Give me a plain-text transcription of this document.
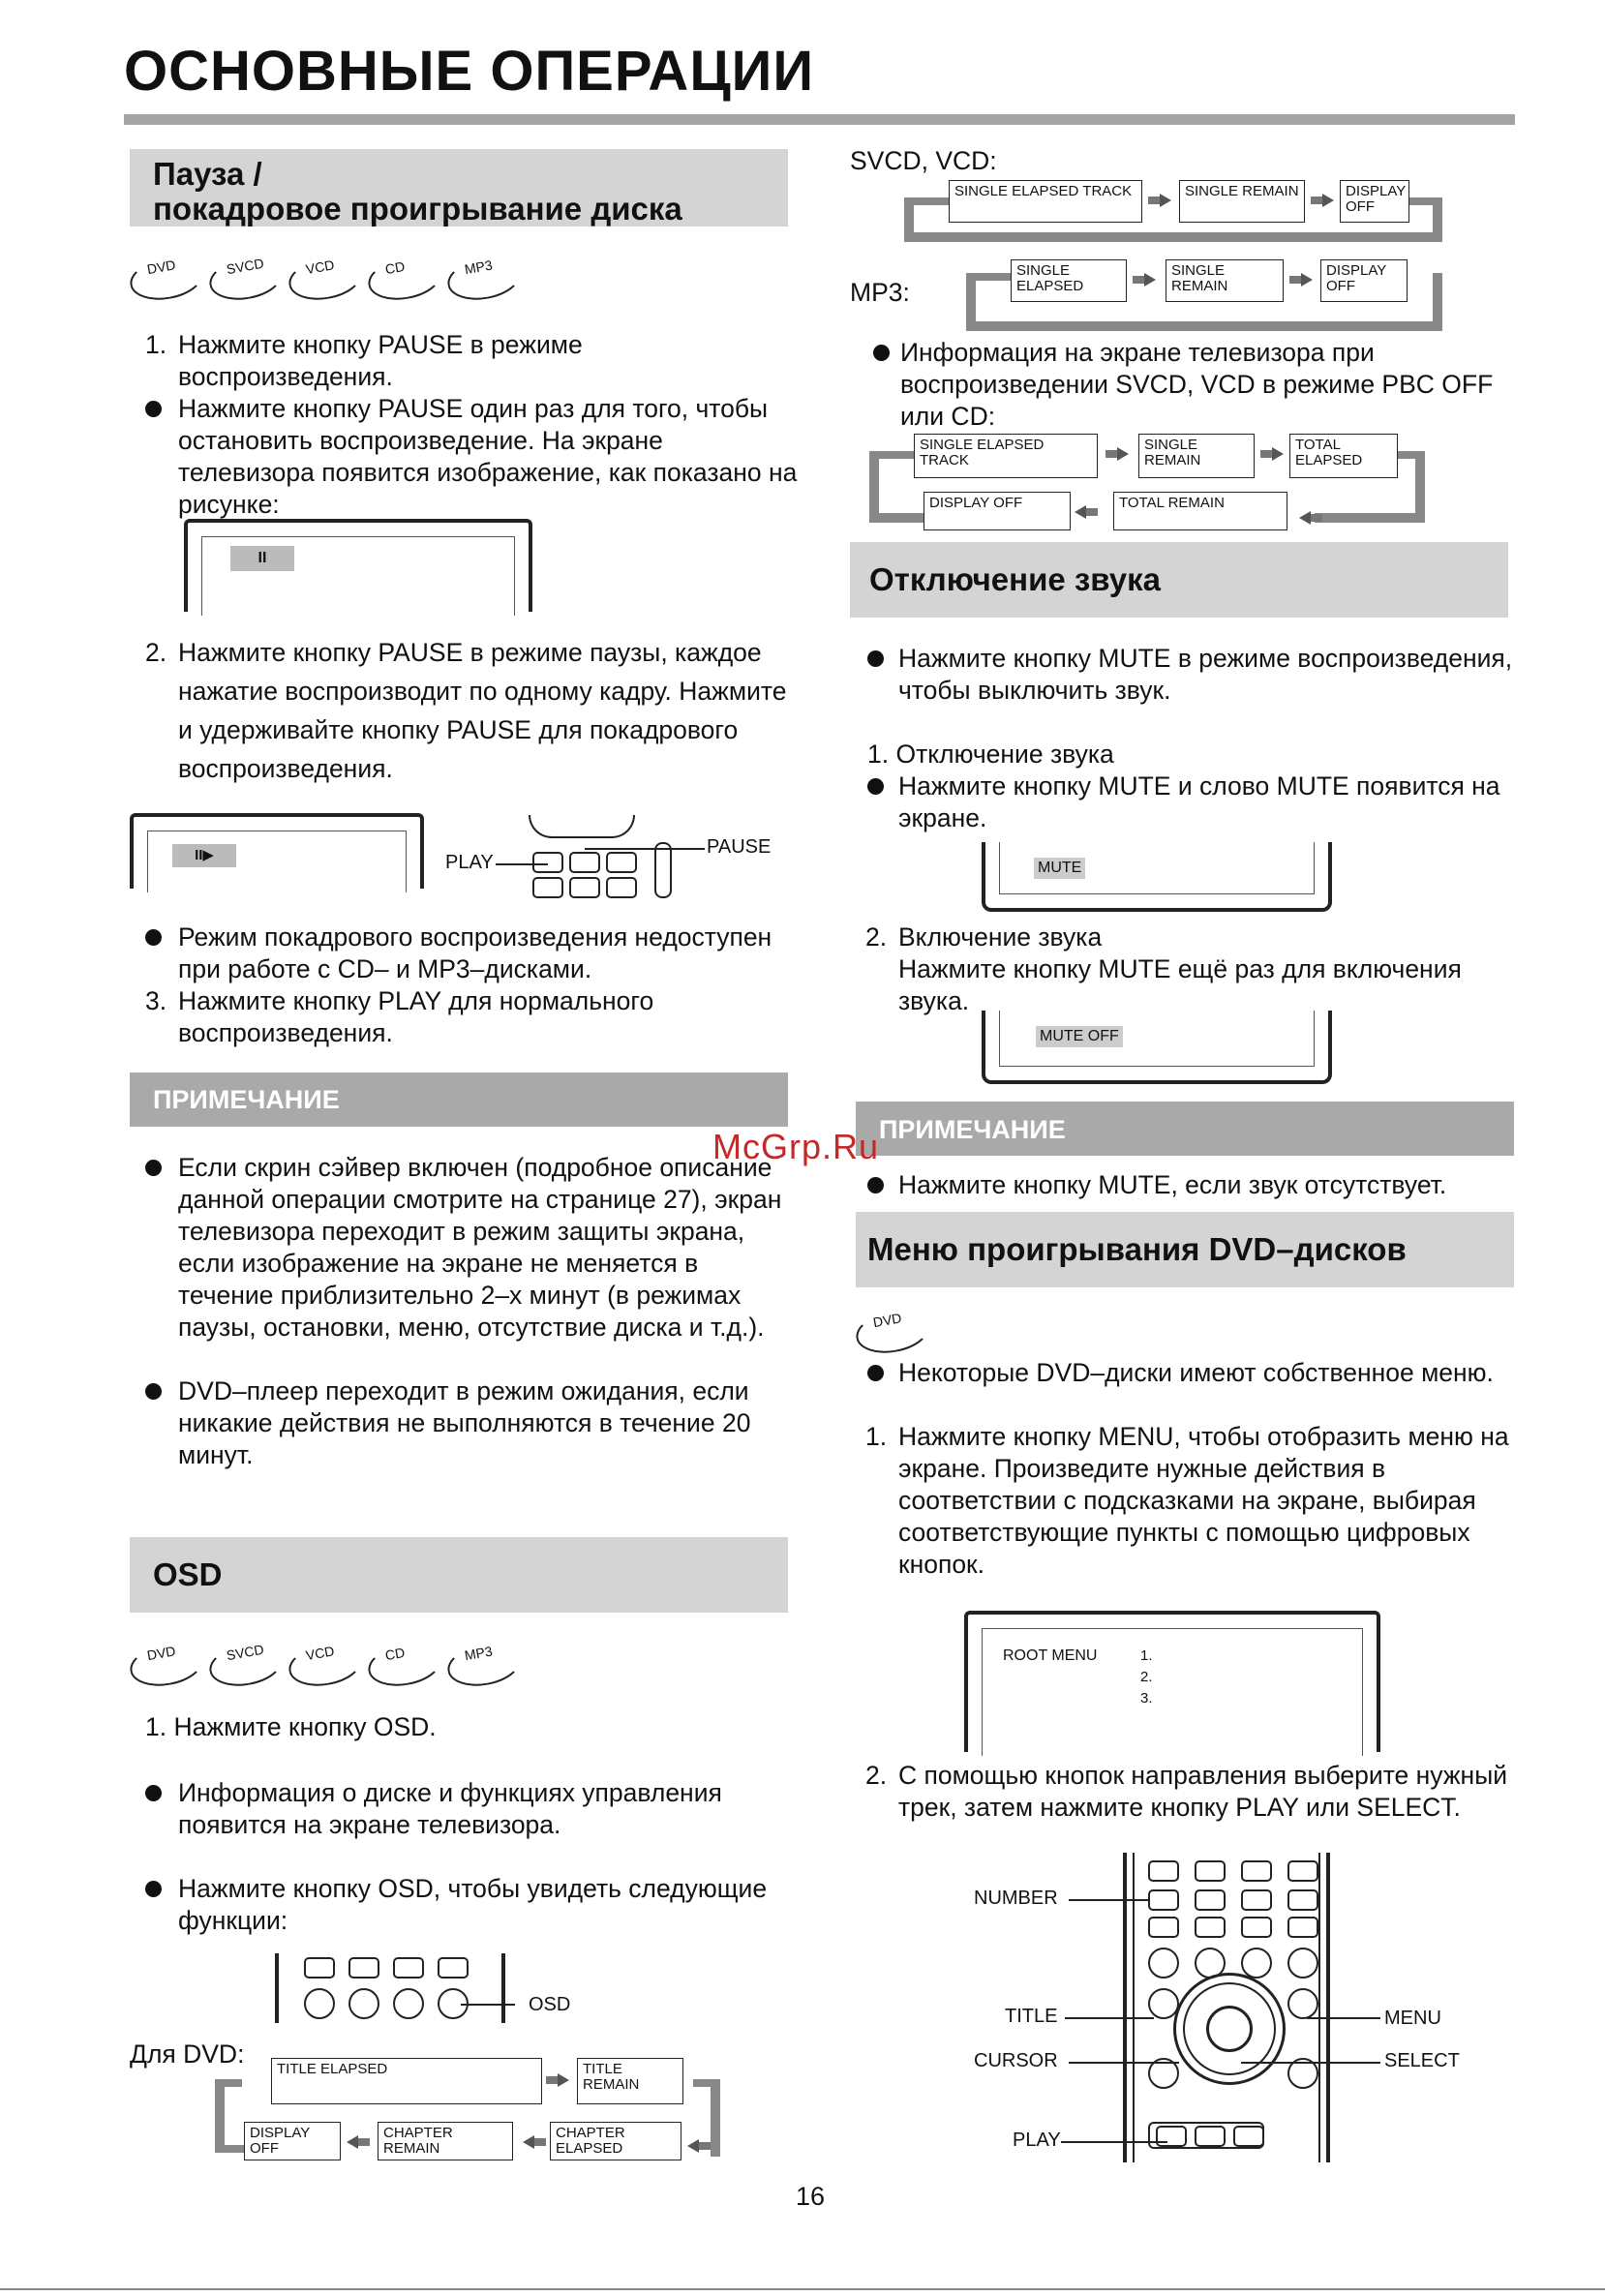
ОСНОВНЫЕ ОПЕРАЦИИ
Пауза /
покадровое проигрывание диска
DVD	SVCD	VCD	CD	MP3
1. Нажмите кнопку PAUSE в режиме воспроизведения.

Нажмите кнопку PAUSE один раз для того, чтобы остановить воспроизведение. На экране телевизора появится изображение, как показано на рисунке:

II
2. Нажмите кнопку PAUSE в режиме паузы, каждое нажатие воспроизводит по одному кадру. Нажмите и удерживайте кнопку PAUSE для покадрового воспроизведения.

II▶	PLAY
PAUSE

Режим покадрового воспроизведения недоступен при работе с CD– и MP3–дисками.

3. Нажмите кнопку PLAY для нормального воспроизведения.

ПРИМЕЧАНИЕ

Если скрин сэйвер включен (подробное описание данной операции смотрите на странице 27), экран телевизора переходит в режим защиты экрана, если изображение на экране не меняется в течение приблизительно 2–х минут (в режимах паузы, остановки, меню, отсутствие диска и т.д.).

DVD–плеер переходит в режим ожидания, если никакие действия не выполняются в течение 20 минут.

OSD
DVD	SVCD	VCD	CD	MP3
1. Нажмите кнопку OSD.

Информация о диске и функциях управления появится на экране телевизора.

Нажмите кнопку OSD, чтобы увидеть следующие функции:

OSD
Для DVD:
TITLE ELAPSED	TITLE REMAIN
CHAPTER ELAPSED
CHAPTER REMAIN
DISPLAY OFF
SVCD, VCD:
SINGLE ELAPSED TRACK	SINGLE REMAIN	DISPLAY OFF
MP3:
SINGLE ELAPSED
SINGLE REMAIN
DISPLAY OFF

Информация на экране телевизора при воспроизведении SVCD, VCD в режиме PBC OFF или CD:

SINGLE ELAPSED TRACK
SINGLE REMAIN
TOTAL ELAPSED
TOTAL REMAIN
DISPLAY OFF
Отключение звука

Нажмите кнопку MUTE в режиме воспроизведения, чтобы выключить звук.

1. Отключение звука

Нажмите кнопку MUTE и слово MUTE появится на экране.

MUTE
2. Включение звука

Нажмите кнопку MUTE ещё раз для включения звука.

MUTE OFF
ПРИМЕЧАНИЕ
McGrp.Ru

Нажмите кнопку MUTE, если звук отсутствует.

Меню проигрывания DVD–дисков
DVD

Некоторые DVD–диски имеют собственное меню.

1. Нажмите кнопку MENU, чтобы отобразить меню на экране. Произведите нужные действия в соответствии с подсказками на экране, выбирая соответствующие пункты с помощью цифровых кнопок.

ROOT MENU	1.
2.
3.
2. С помощью кнопок направления выберите нужный трек, затем нажмите кнопку PLAY или SELECT.

NUMBER
TITLE
CURSOR
PLAY
MENU
SELECT
16
